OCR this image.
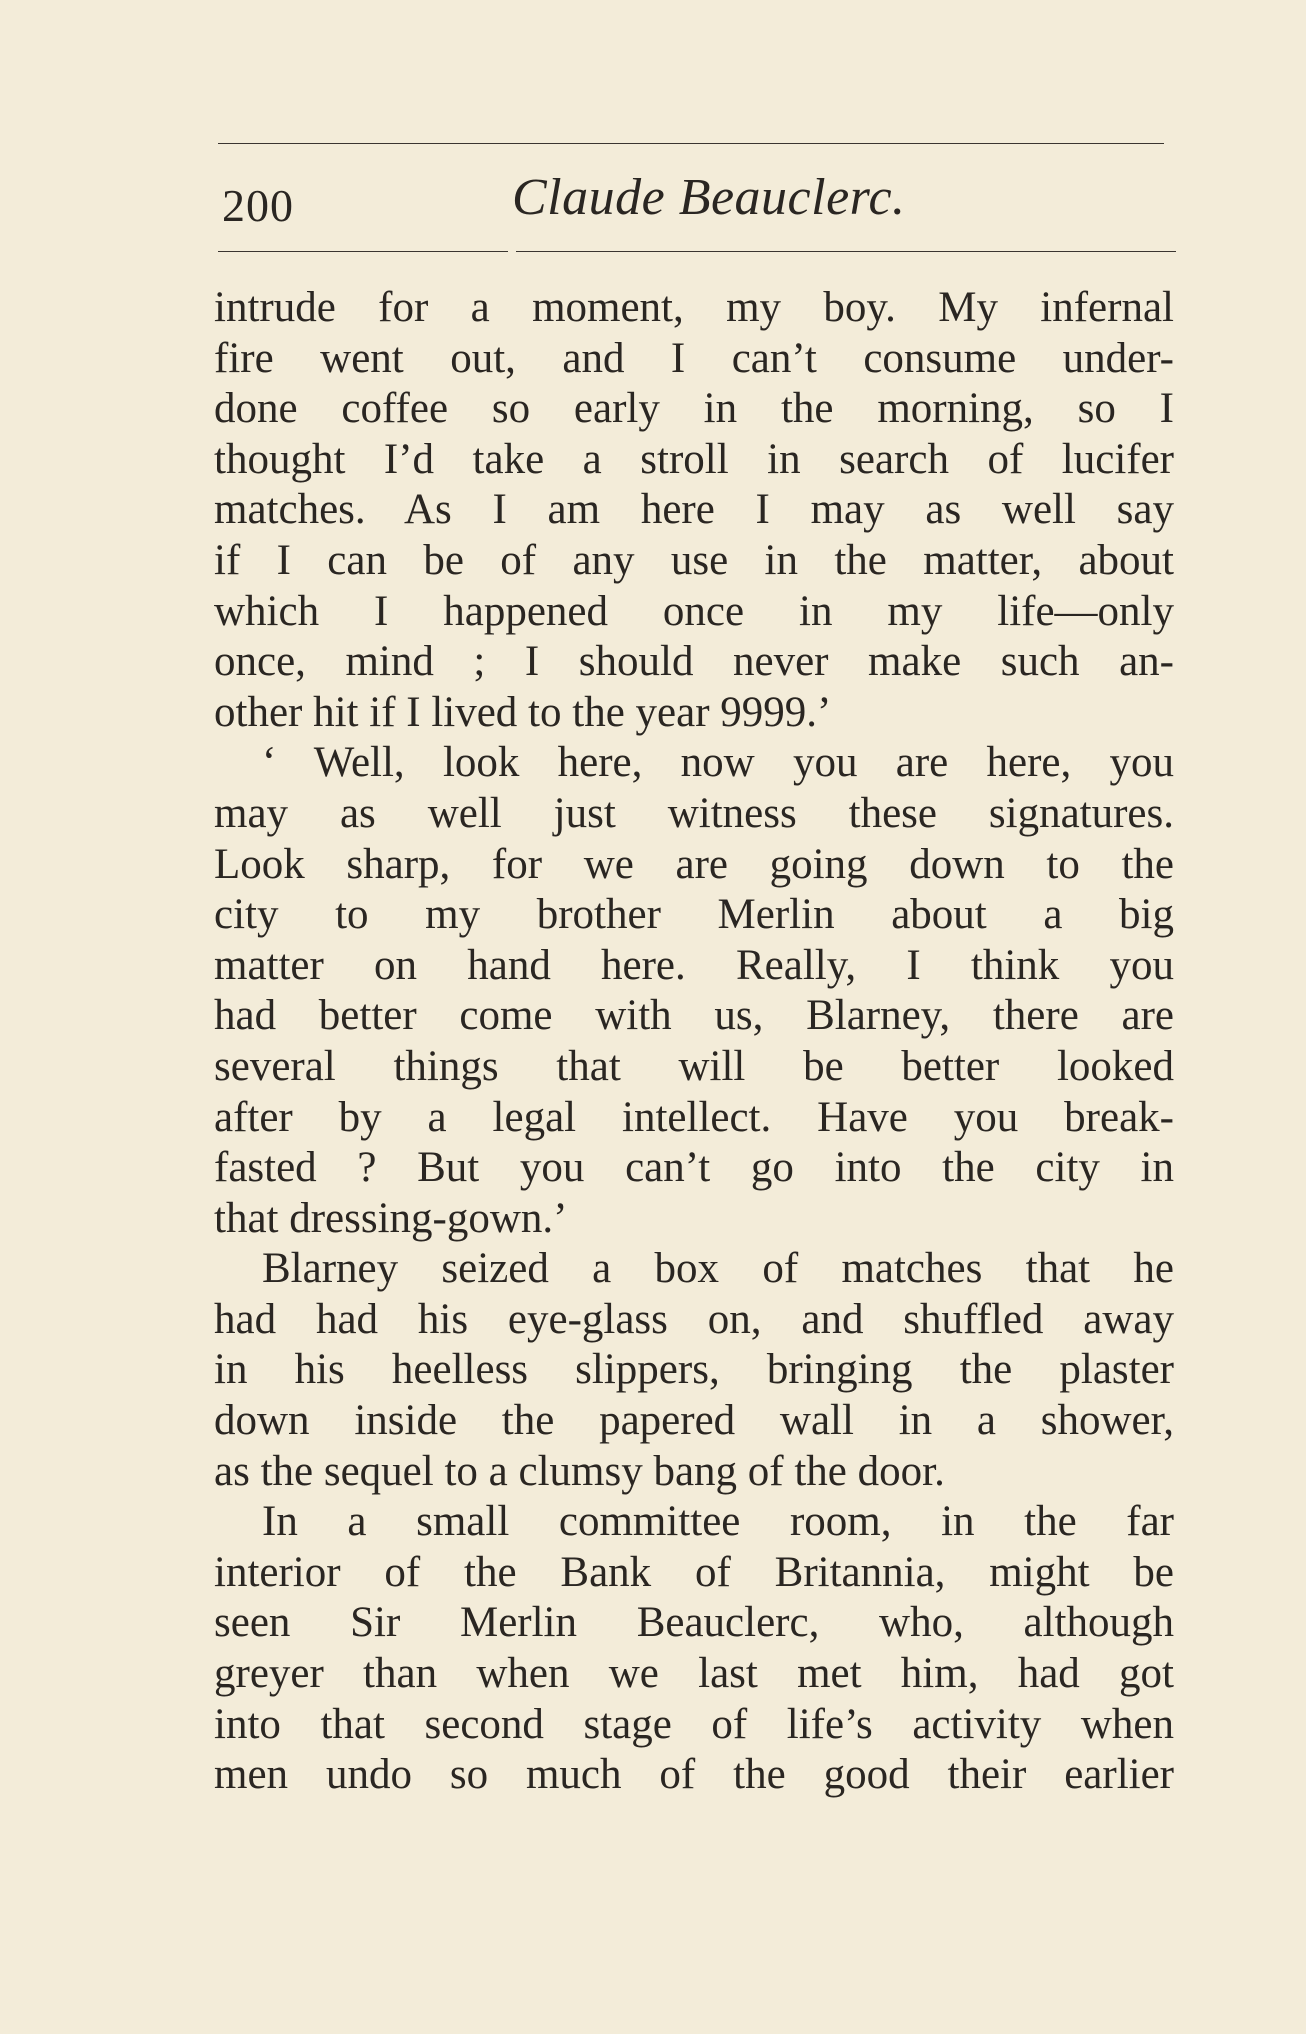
200	Claude Beauclerc.
intrude for a moment, my boy. My infernal
fire went out, and I can’t consume under-
done coffee so early in the morning, so I
thought I’d take a stroll in search of lucifer
matches. As I am here I may as well say
if I can be of any use in the matter, about
which I happened once in my life—only
once, mind ; I should never make such an-
other hit if I lived to the year 9999.’
‘ Well, look here, now you are here, you
may as well just witness these signatures.
Look sharp, for we are going down to the
city to my brother Merlin about a big
matter on hand here. Really, I think you
had better come with us, Blarney, there are
several things that will be better looked
after by a legal intellect. Have you break-
fasted ? But you can’t go into the city in
that dressing-gown.’
Blarney seized a box of matches that he
had had his eye-glass on, and shuffled away
in his heelless slippers, bringing the plaster
down inside the papered wall in a shower,
as the sequel to a clumsy bang of the door.
In a small committee room, in the far
interior of the Bank of Britannia, might be
seen Sir Merlin Beauclerc, who, although
greyer than when we last met him, had got
into that second stage of life’s activity when
men undo so much of the good their earlier
